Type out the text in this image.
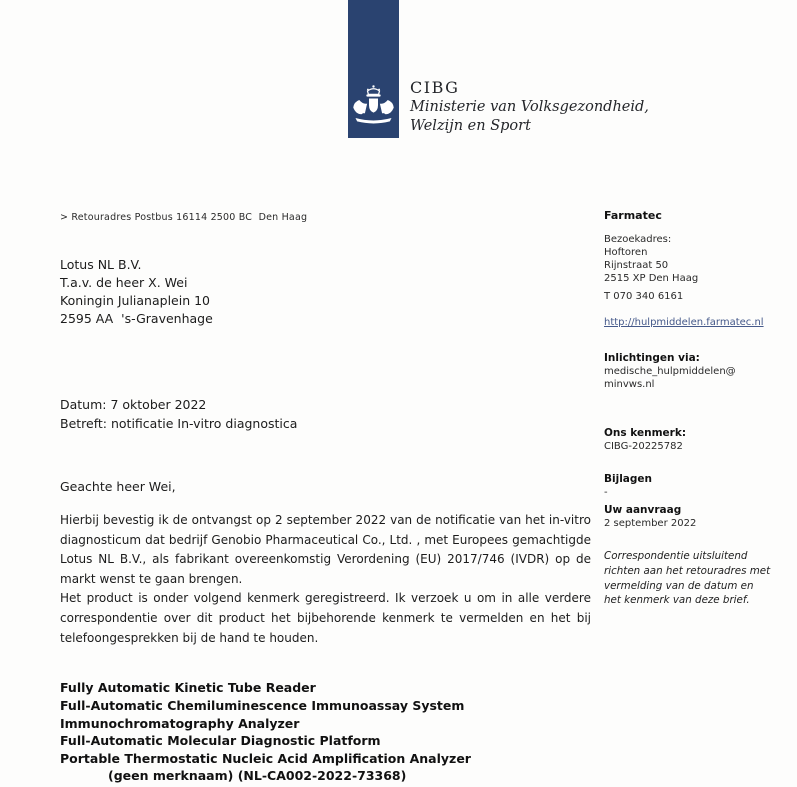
CIBG
Ministerie van Volksgezondheid,
Welzijn en Sport
> Retouradres Postbus 16114 2500 BC  Den Haag
Lotus NL B.V.
T.a.v. de heer X. Wei
Koningin Julianaplein 10
2595 AA  's-Gravenhage
Datum: 7 oktober 2022
Betreft: notificatie In-vitro diagnostica
Geachte heer Wei,

Hierbij bevestig ik de ontvangst op 2 september 2022 van de notificatie van het in-vitro diagnosticum dat bedrijf Genobio Pharmaceutical Co., Ltd. , met Europees gemachtigde Lotus NL B.V., als fabrikant overeenkomstig Verordening (EU) 2017/746 (IVDR) op de markt wenst te gaan brengen.

Het product is onder volgend kenmerk geregistreerd. Ik verzoek u om in alle verdere correspondentie over dit product het bijbehorende kenmerk te vermelden en het bij telefoongesprekken bij de hand te houden.

Fully Automatic Kinetic Tube Reader
Full-Automatic Chemiluminescence Immunoassay System
Immunochromatography Analyzer
Full-Automatic Molecular Diagnostic Platform
Portable Thermostatic Nucleic Acid Amplification Analyzer
(geen merknaam) (NL-CA002-2022-73368)
Farmatec
Bezoekadres:
Hoftoren
Rijnstraat 50
2515 XP Den Haag
T 070 340 6161
http://hulpmiddelen.farmatec.nl
Inlichtingen via:
medische_hulpmiddelen@
minvws.nl
Ons kenmerk:
CIBG-20225782
Bijlagen
-
Uw aanvraag
2 september 2022
Correspondentie uitsluitend richten aan het retouradres met vermelding van de datum en het kenmerk van deze brief.
